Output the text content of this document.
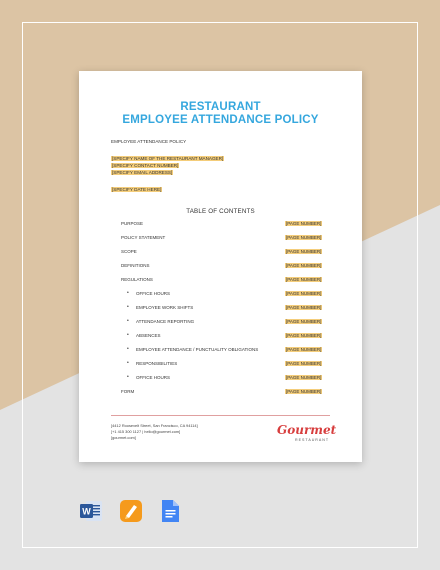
RESTAURANT
EMPLOYEE ATTENDANCE POLICY
EMPLOYEE ATTENDANCE POLICY
[SPECIFY NAME OF THE RESTAURANT MANAGER]
[SPECIFY CONTACT NUMBER]
[SPECIFY EMAIL ADDRESS]
[SPECIFY DATE HERE]
TABLE OF CONTENTS
PURPOSE	[PAGE NUMBER]
POLICY STATEMENT	[PAGE NUMBER]
SCOPE	[PAGE NUMBER]
DEFINITIONS	[PAGE NUMBER]
REGULATIONS	[PAGE NUMBER]
• OFFICE HOURS	[PAGE NUMBER]
• EMPLOYEE WORK SHIFTS	[PAGE NUMBER]
• ATTENDANCE REPORTING	[PAGE NUMBER]
• ABSENCES	[PAGE NUMBER]
• EMPLOYEE ATTENDANCE / PUNCTUALITY OBLIGATIONS	[PAGE NUMBER]
• RESPONSIBILITIES	[PAGE NUMBER]
• OFFICE HOURS	[PAGE NUMBER]
FORM	[PAGE NUMBER]
[4412 Roosevelt Street, San Francisco, CA 94114]
[+1 415 300 1127 | hello@gourmet.com]
[gourmet.com]
Gourmet
RESTAURANT
W
